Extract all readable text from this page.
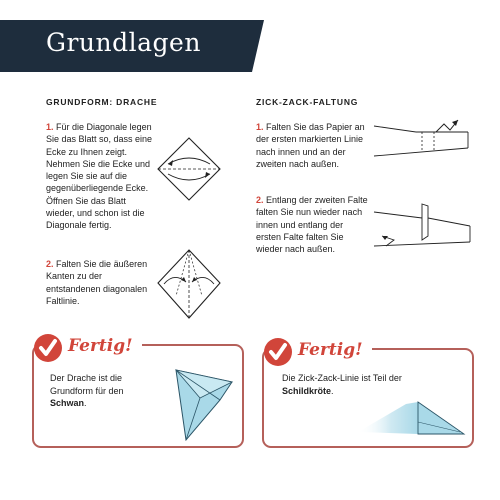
Grundlagen
GRUNDFORM: DRACHE
1. Für die Diagonale legen Sie das Blatt so, dass eine Ecke zu Ihnen zeigt. Nehmen Sie die Ecke und legen Sie sie auf die gegenüberliegende Ecke. Öffnen Sie das Blatt wieder, und schon ist die Diagonale fertig.
2. Falten Sie die äußeren Kanten zu der entstandenen diagonalen Faltlinie.
ZICK-ZACK-FALTUNG
1. Falten Sie das Papier an der ersten markierten Linie nach innen und an der zweiten nach außen.
2. Entlang der zweiten Falte falten Sie nun wieder nach innen und entlang der ersten Falte falten Sie wieder nach außen.
Fertig!
Der Drache ist die Grundform für den Schwan.
Fertig!
Die Zick-Zack-Linie ist Teil der Schildkröte.
